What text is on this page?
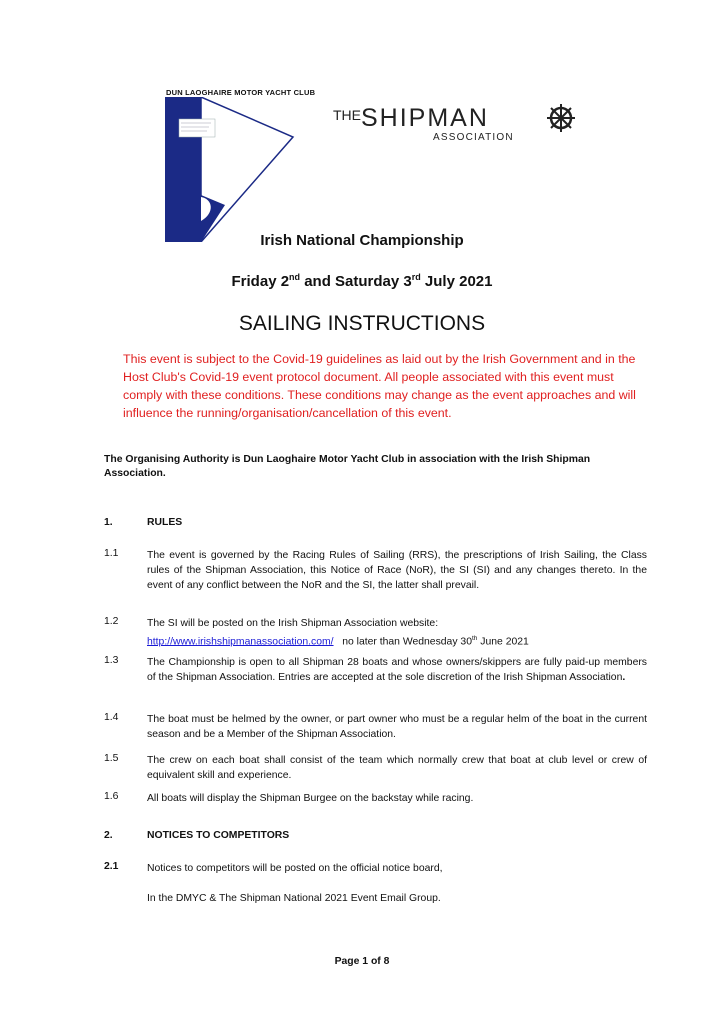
DUN LAOGHAIRE MOTOR YACHT CLUB
THE SHIPMAN
ASSOCIATION
Irish National Championship
Friday 2nd and Saturday 3rd July 2021
SAILING INSTRUCTIONS
This event is subject to the Covid-19 guidelines as laid out by the Irish Government and in the Host Club's Covid-19 event protocol document. All people associated with this event must comply with these conditions. These conditions may change as the event approaches and will influence the running/organisation/cancellation of this event.
The Organising Authority is Dun Laoghaire Motor Yacht Club in association with the Irish Shipman Association.
1.	RULES
1.1	The event is governed by the Racing Rules of Sailing (RRS), the prescriptions of Irish Sailing, the Class rules of the Shipman Association, this Notice of Race (NoR), the SI (SI) and any changes thereto. In the event of any conflict between the NoR and the SI, the latter shall prevail.
1.2	The SI will be posted on the Irish Shipman Association website:
http://www.irishshipmanassociation.com/   no later than Wednesday 30th June 2021
1.3	The Championship is open to all Shipman 28 boats and whose owners/skippers are fully paid-up members of the Shipman Association. Entries are accepted at the sole discretion of the Irish Shipman Association.
1.4	The boat must be helmed by the owner, or part owner who must be a regular helm of the boat in the current season and be a Member of the Shipman Association.
1.5	The crew on each boat shall consist of the team which normally crew that boat at club level or crew of equivalent skill and experience.
1.6	All boats will display the Shipman Burgee on the backstay while racing.
2.	NOTICES TO COMPETITORS
2.1	Notices to competitors will be posted on the official notice board,
In the DMYC & The Shipman National 2021 Event Email Group.
Page 1 of 8
